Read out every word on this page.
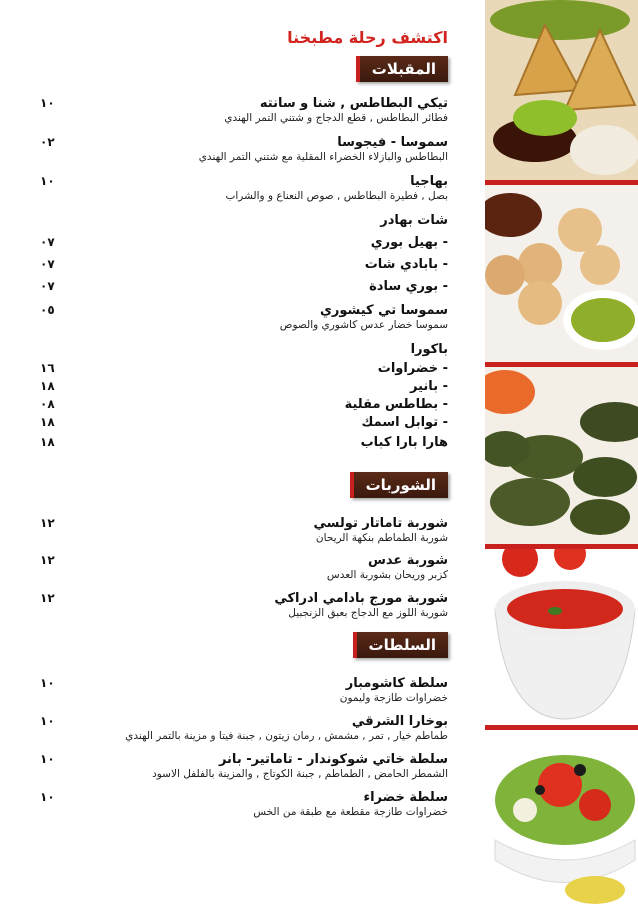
اكتشف رحلة مطبخنا
المقبلات
تيكي البطاطس , شنا و سانته
فطائر البطاطس , قطع الدجاج و شتني التمر الهندي
١٠
سموسا - فيجوسا
البطاطس والبازلاء الخضراء المقلية مع شتني التمر الهندي
٠٢
بهاجيا
بصل , فطيرة البطاطس , صوص النعناع و والشراب
١٠
شات بهادر
- بهيل بوري
٠٧
- بابادي شات
٠٧
- بوري سادة
٠٧
سموسا تي كيشوري
سموسا خضار عدس كاشوري والصوص
٠٥
باكورا
- خضراوات
١٦
- بانير
١٨
- بطاطس مقلية
٠٨
- توابل اسمك
١٨
هارا بارا كباب
١٨
الشوربات
شوربة تاماتار تولسي
شوربة الطماطم بنكهة الريحان
١٢
شوربة عدس
كزبر وريحان بشوربة العدس
١٢
شوربة مورج بادامي ادراكي
شوربة اللوز مع الدجاج بعبق الزنجبيل
١٢
السلطات
سلطة كاشومبار
خضراوات طازجة وليمون
١٠
بوخارا الشرقي
طماطم خيار , تمر , مشمش , رمان زيتون , جبنة فيتا و مزينة بالتمر الهندي
١٠
سلطة خاتي شوكوندار - تاماتير- بانر
الشمطر الحامض , الطماطم , جبنة الكوتاج , والمزينة بالفلفل الاسود
١٠
سلطة خضراء
خضراوات طازجة مقطعة مع طبقة من الخس
١٠
